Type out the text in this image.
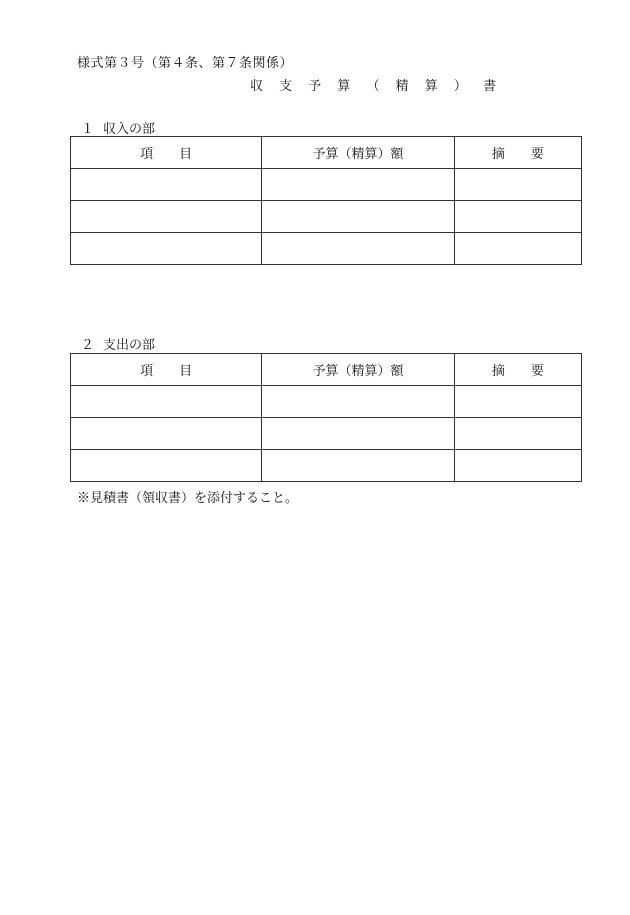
様式第３号（第４条、第７条関係）
収 支 予 算 （ 精 算 ） 書
１ 収入の部
項　　目	予算（精算）額	摘　　要

２ 支出の部
項　　目	予算（精算）額	摘　　要

※見積書（領収書）を添付すること。
